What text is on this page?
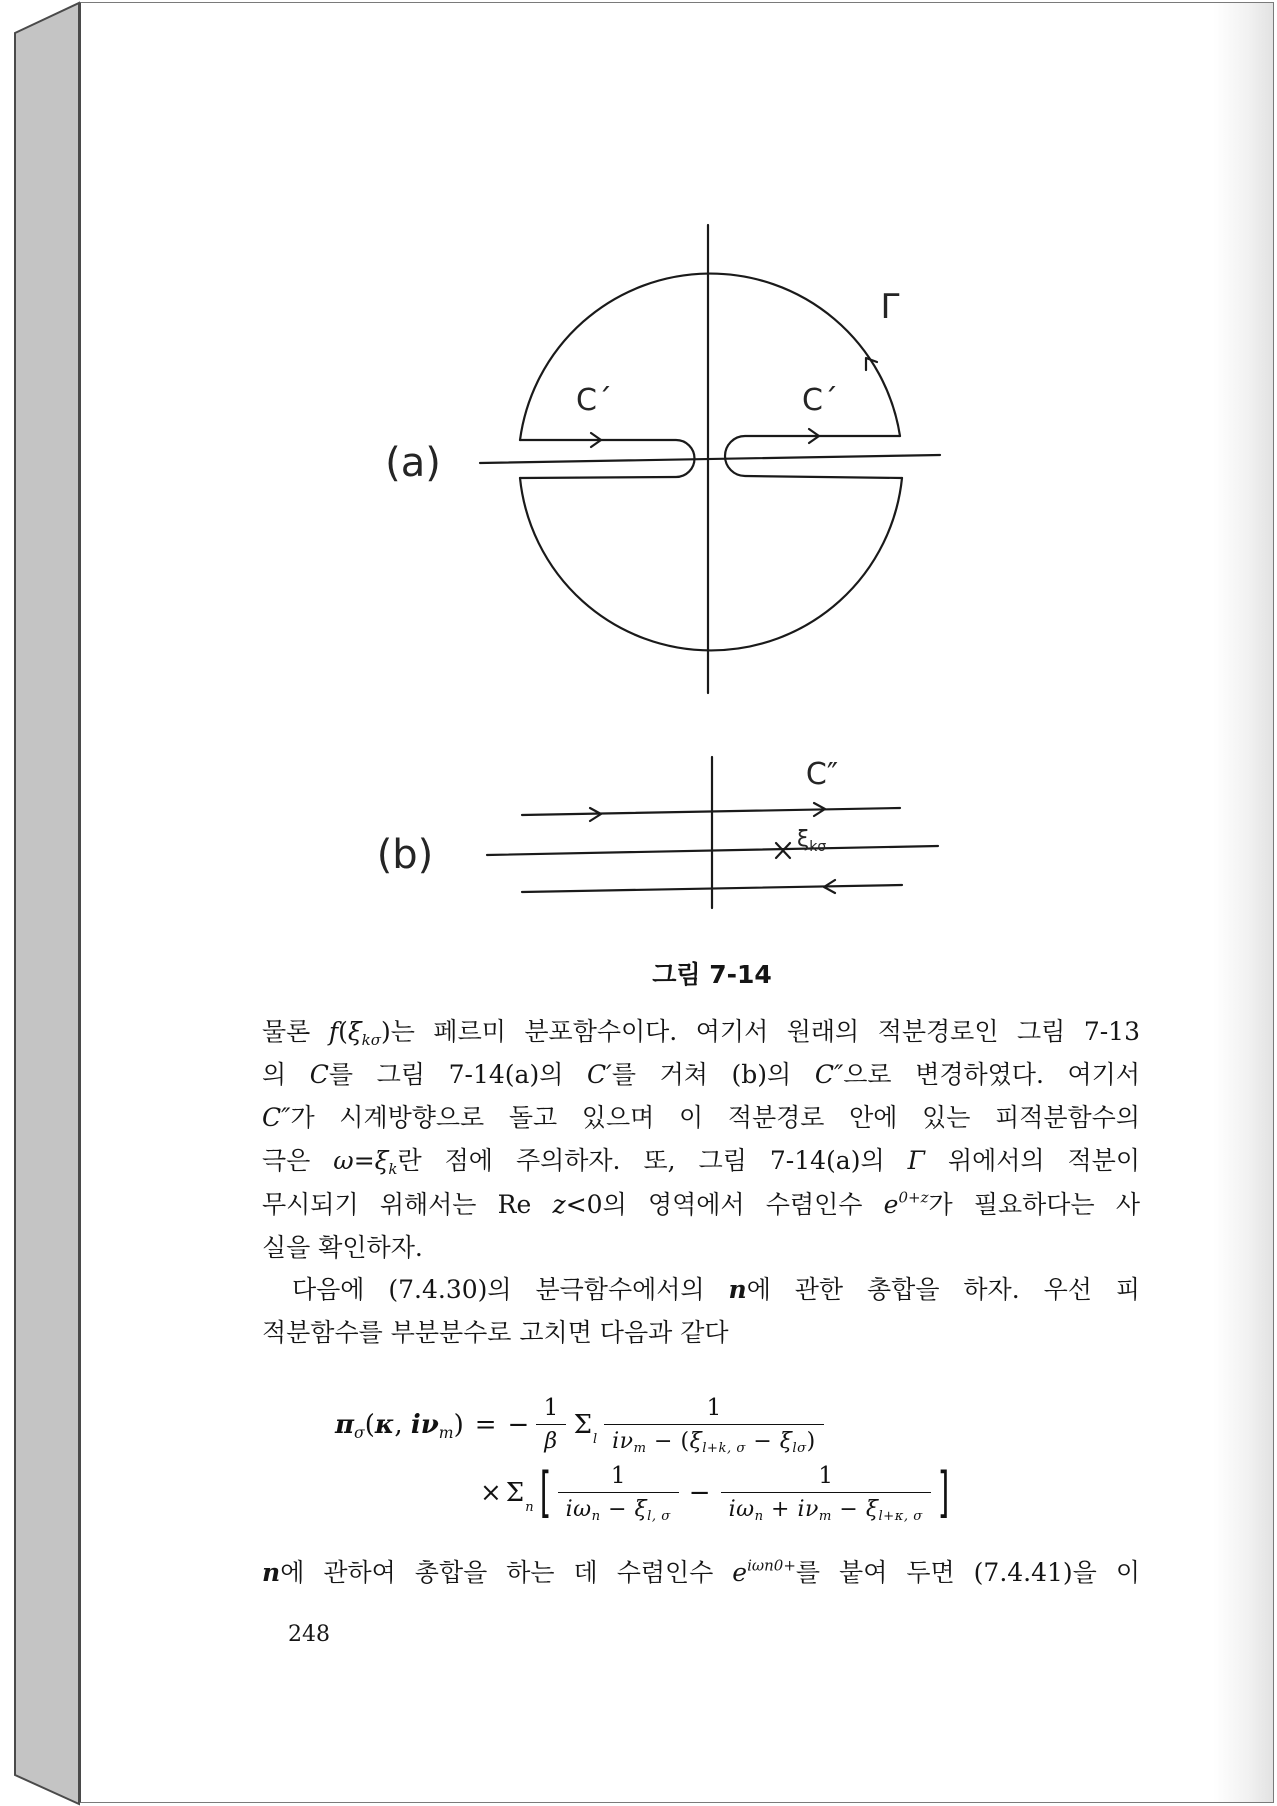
(a)
C´	C´
Γ
(b)
C″
$\xi_{k\sigma}$
그림 7-14
물론 $f(\xi_{k\sigma})$는 페르미 분포함수이다. 여기서 원래의 적분경로인 그림 7-13
의 C를 그림 7-14(a)의 C′를 거쳐 (b)의 C″으로 변경하였다. 여기서
C″가 시계방향으로 돌고 있으며 이 적분경로 안에 있는 피적분함수의
극은 $\omega=\xi_k$란 점에 주의하자. 또, 그림 7-14(a)의 Γ 위에서의 적분이
무시되기 위해서는 Re z<0의 영역에서 수렴인수 $e^{0+z}$가 필요하다는 사
실을 확인하자.
다음에 (7.4.30)의 분극함수에서의 n에 관한 총합을 하자. 우선 피
적분함수를 부분분수로 고치면 다음과 같다
$\pi_\sigma(\kappa$, $i\nu_m$) = − $\frac{1}{\beta}$ Σ l $\frac{1}{i\nu_m - (\xi_{l+k, \sigma} - \xi_{l\sigma})}$
× Σ n [ $\frac{1}{i\omega_n - \xi_{l, \sigma}} - \frac{1}{i\omega_n + i\nu_m - \xi_{l+\kappa, \sigma}}$ ]
n에 관하여 총합을 하는 데 수렴인수 $e^{i\omega n0+}$를 붙여 두면 (7.4.41)을 이
248
